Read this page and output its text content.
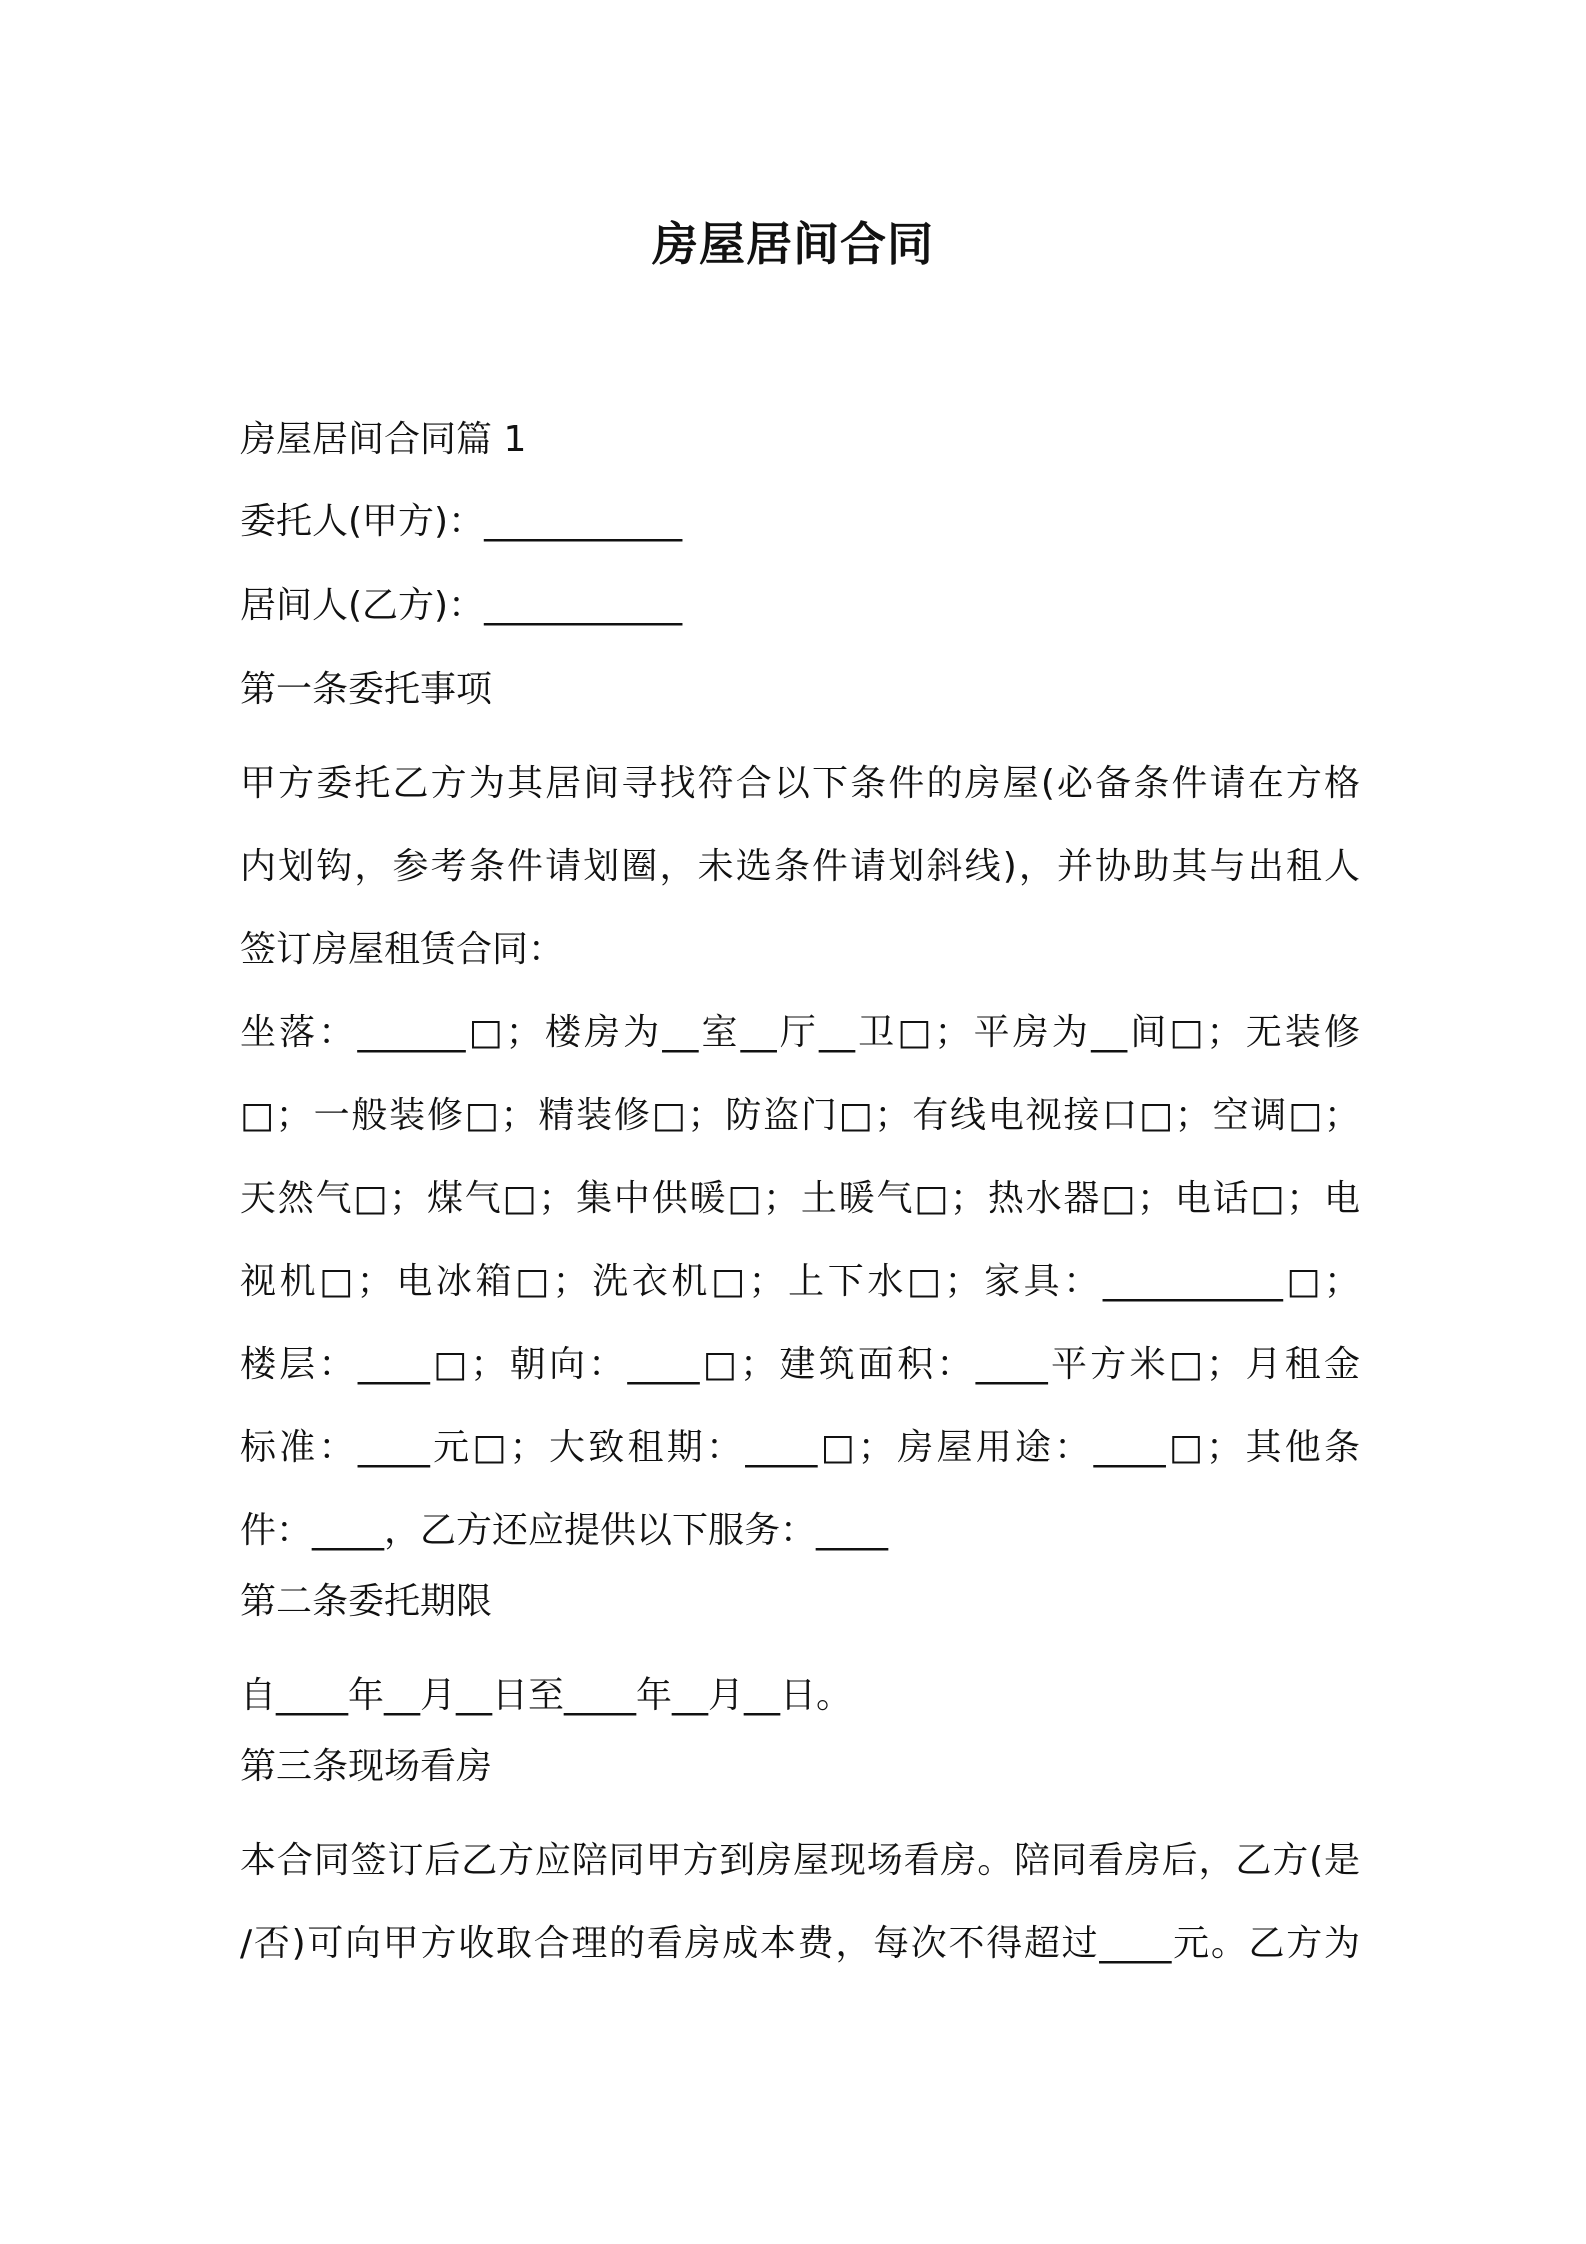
房屋居间合同
房屋居间合同篇 1
委托人(甲方)：___________
居间人(乙方)：___________
第一条委托事项
甲方委托乙方为其居间寻找符合以下条件的房屋(必备条件请在方格
内划钩，参考条件请划圈，未选条件请划斜线)，并协助其与出租人
签订房屋租赁合同：
坐落：______□；楼房为__室__厅__卫□；平房为__间□；无装修
□；一般装修□；精装修□；防盗门□；有线电视接口□；空调□；
天然气□；煤气□；集中供暖□；土暖气□；热水器□；电话□；电
视机□；电冰箱□；洗衣机□；上下水□；家具：__________□；
楼层：____□；朝向：____□；建筑面积：____平方米□；月租金
标准：____元□；大致租期：____□；房屋用途：____□；其他条
件：____，乙方还应提供以下服务：____
第二条委托期限
自____年__月__日至____年__月__日。
第三条现场看房
本合同签订后乙方应陪同甲方到房屋现场看房。陪同看房后，乙方(是
/否)可向甲方收取合理的看房成本费，每次不得超过____元。乙方为
